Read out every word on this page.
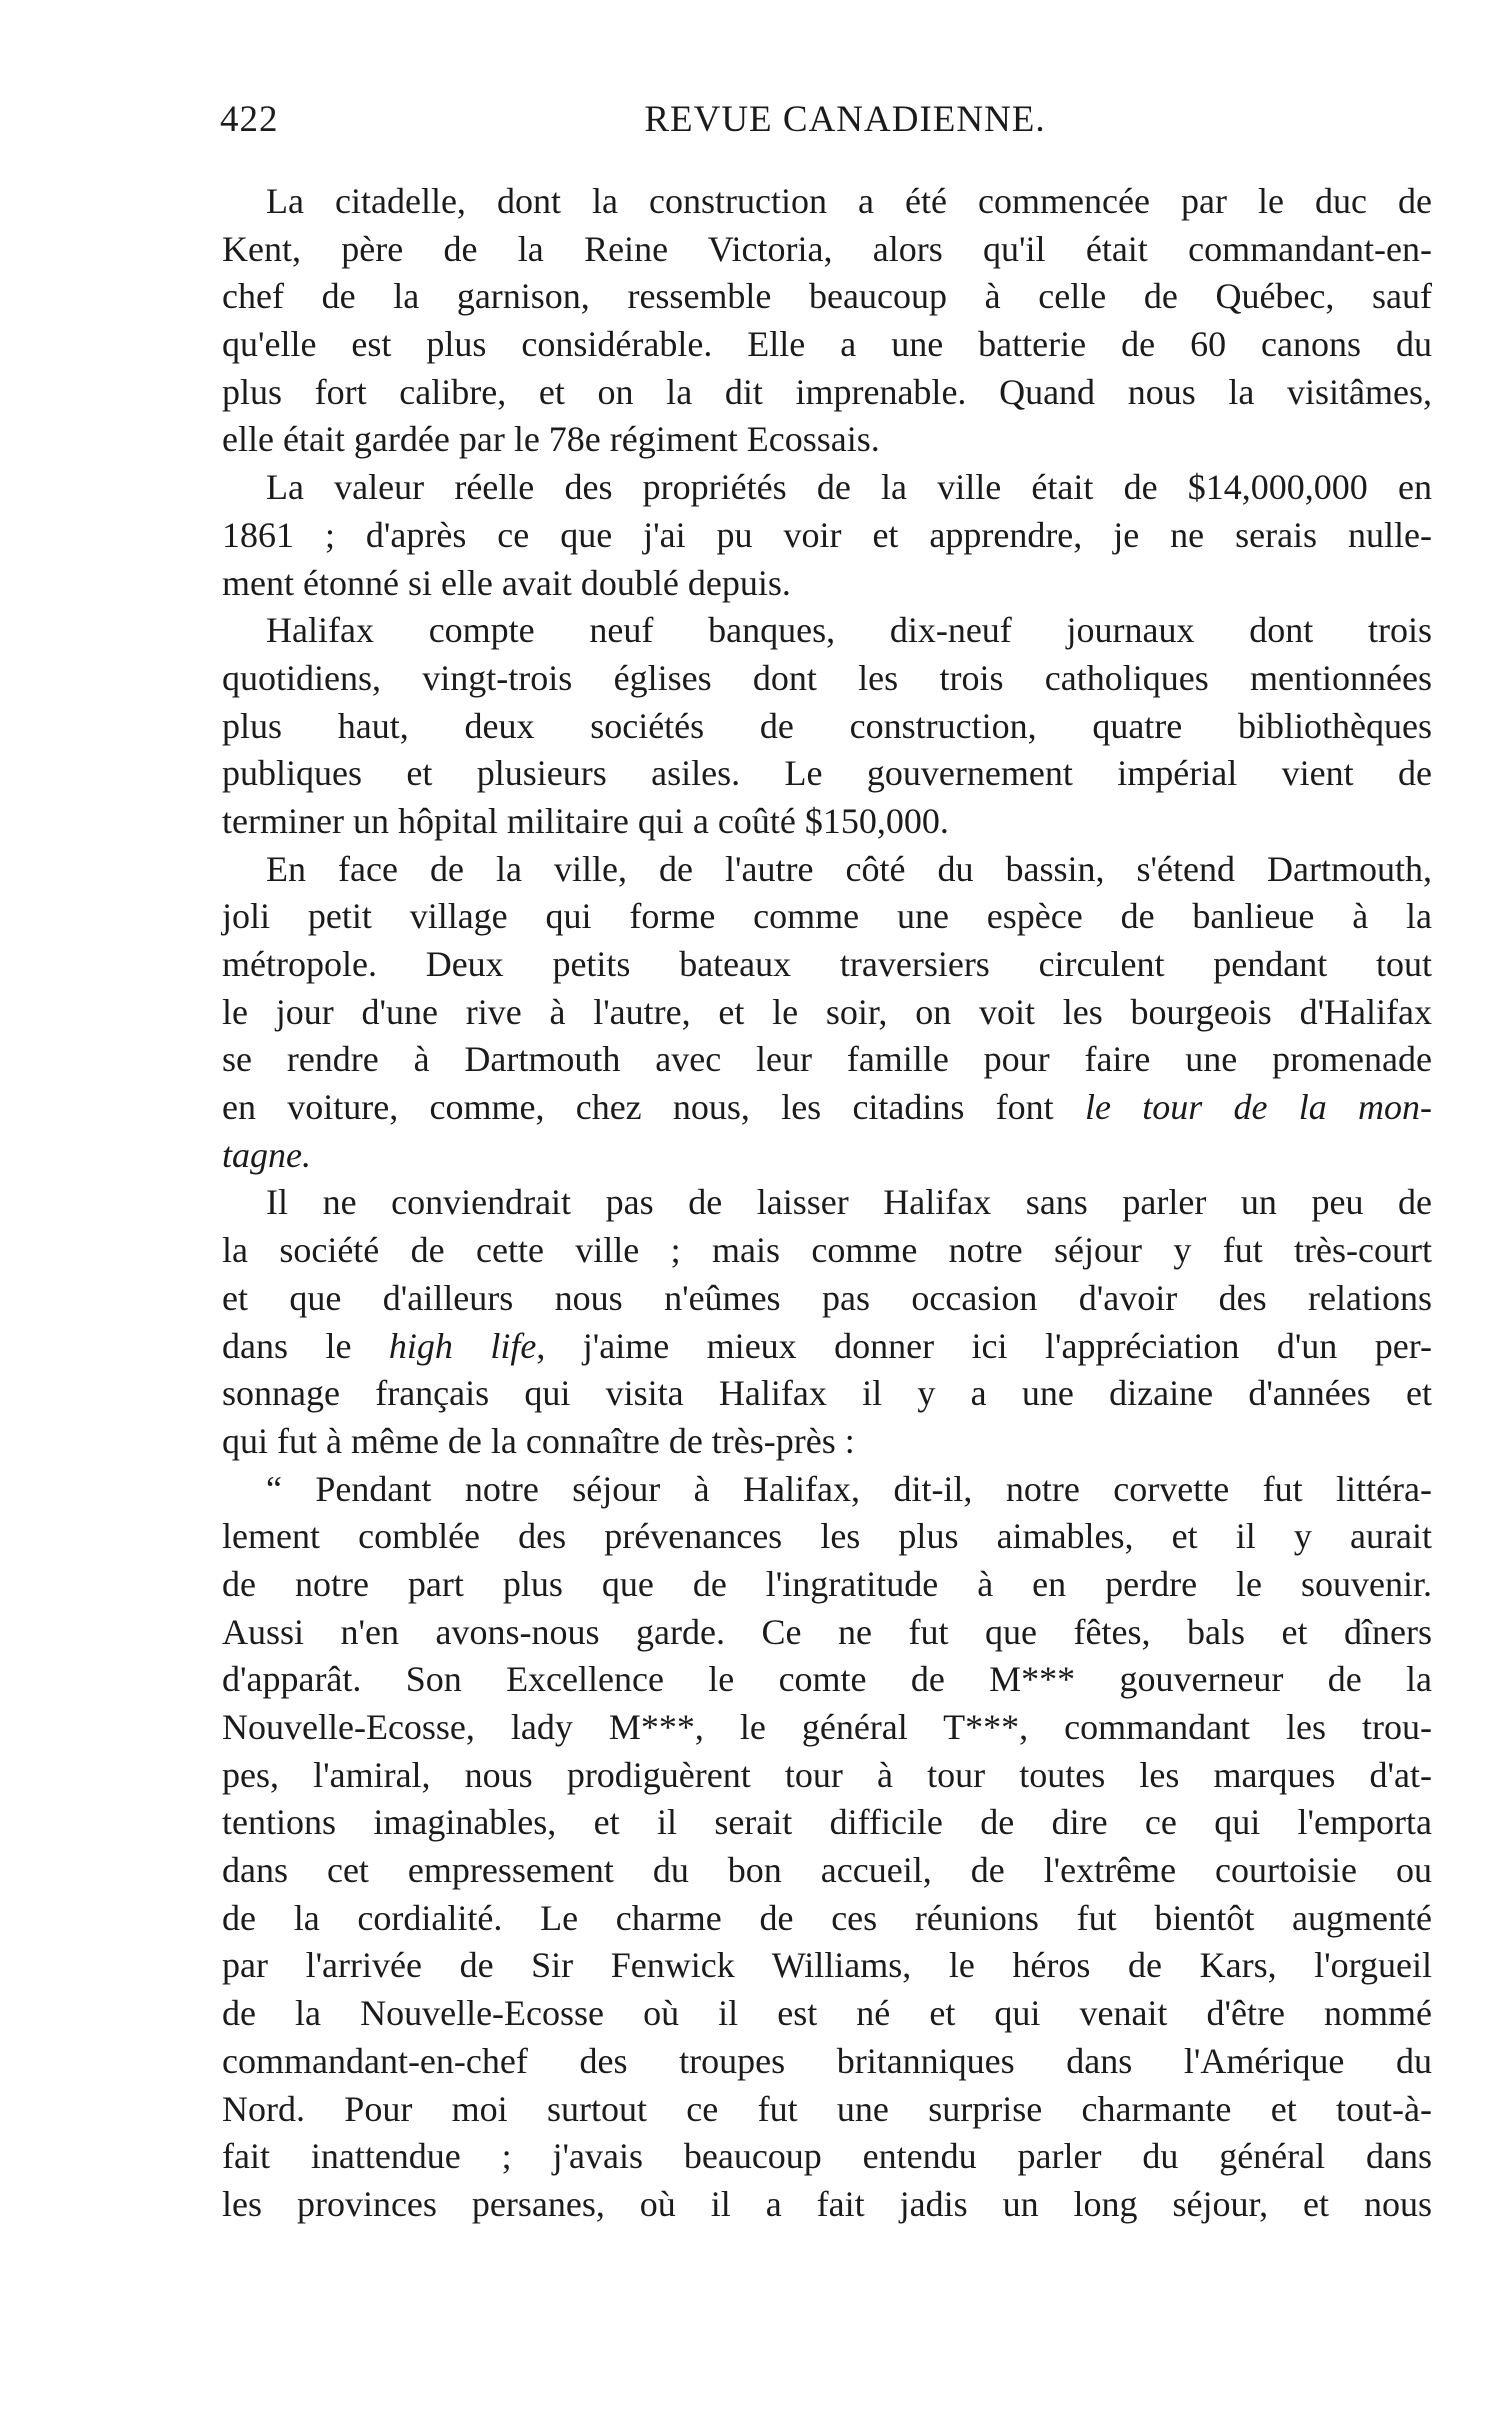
422	REVUE CANADIENNE.

La citadelle, dont la construction a été commencée par le duc de
Kent, père de la Reine Victoria, alors qu'il était commandant-en-
chef de la garnison, ressemble beaucoup à celle de Québec, sauf
qu'elle est plus considérable. Elle a une batterie de 60 canons du
plus fort calibre, et on la dit imprenable. Quand nous la visitâmes,
elle était gardée par le 78e régiment Ecossais.

La valeur réelle des propriétés de la ville était de $14,000,000 en
1861 ; d'après ce que j'ai pu voir et apprendre, je ne serais nulle-
ment étonné si elle avait doublé depuis.

Halifax compte neuf banques, dix-neuf journaux dont trois
quotidiens, vingt-trois églises dont les trois catholiques mentionnées
plus haut, deux sociétés de construction, quatre bibliothèques
publiques et plusieurs asiles. Le gouvernement impérial vient de
terminer un hôpital militaire qui a coûté $150,000.

En face de la ville, de l'autre côté du bassin, s'étend Dartmouth,
joli petit village qui forme comme une espèce de banlieue à la
métropole. Deux petits bateaux traversiers circulent pendant tout
le jour d'une rive à l'autre, et le soir, on voit les bourgeois d'Halifax
se rendre à Dartmouth avec leur famille pour faire une promenade
en voiture, comme, chez nous, les citadins font le tour de la mon-
tagne.

Il ne conviendrait pas de laisser Halifax sans parler un peu de
la société de cette ville ; mais comme notre séjour y fut très-court
et que d'ailleurs nous n'eûmes pas occasion d'avoir des relations
dans le high life, j'aime mieux donner ici l'appréciation d'un per-
sonnage français qui visita Halifax il y a une dizaine d'années et
qui fut à même de la connaître de très-près :

“ Pendant notre séjour à Halifax, dit-il, notre corvette fut littéra-
lement comblée des prévenances les plus aimables, et il y aurait
de notre part plus que de l'ingratitude à en perdre le souvenir.
Aussi n'en avons-nous garde. Ce ne fut que fêtes, bals et dîners
d'apparât. Son Excellence le comte de M*** gouverneur de la
Nouvelle-Ecosse, lady M***, le général T***, commandant les trou-
pes, l'amiral, nous prodiguèrent tour à tour toutes les marques d'at-
tentions imaginables, et il serait difficile de dire ce qui l'emporta
dans cet empressement du bon accueil, de l'extrême courtoisie ou
de la cordialité. Le charme de ces réunions fut bientôt augmenté
par l'arrivée de Sir Fenwick Williams, le héros de Kars, l'orgueil
de la Nouvelle-Ecosse où il est né et qui venait d'être nommé
commandant-en-chef des troupes britanniques dans l'Amérique du
Nord. Pour moi surtout ce fut une surprise charmante et tout-à-
fait inattendue ; j'avais beaucoup entendu parler du général dans
les provinces persanes, où il a fait jadis un long séjour, et nous
